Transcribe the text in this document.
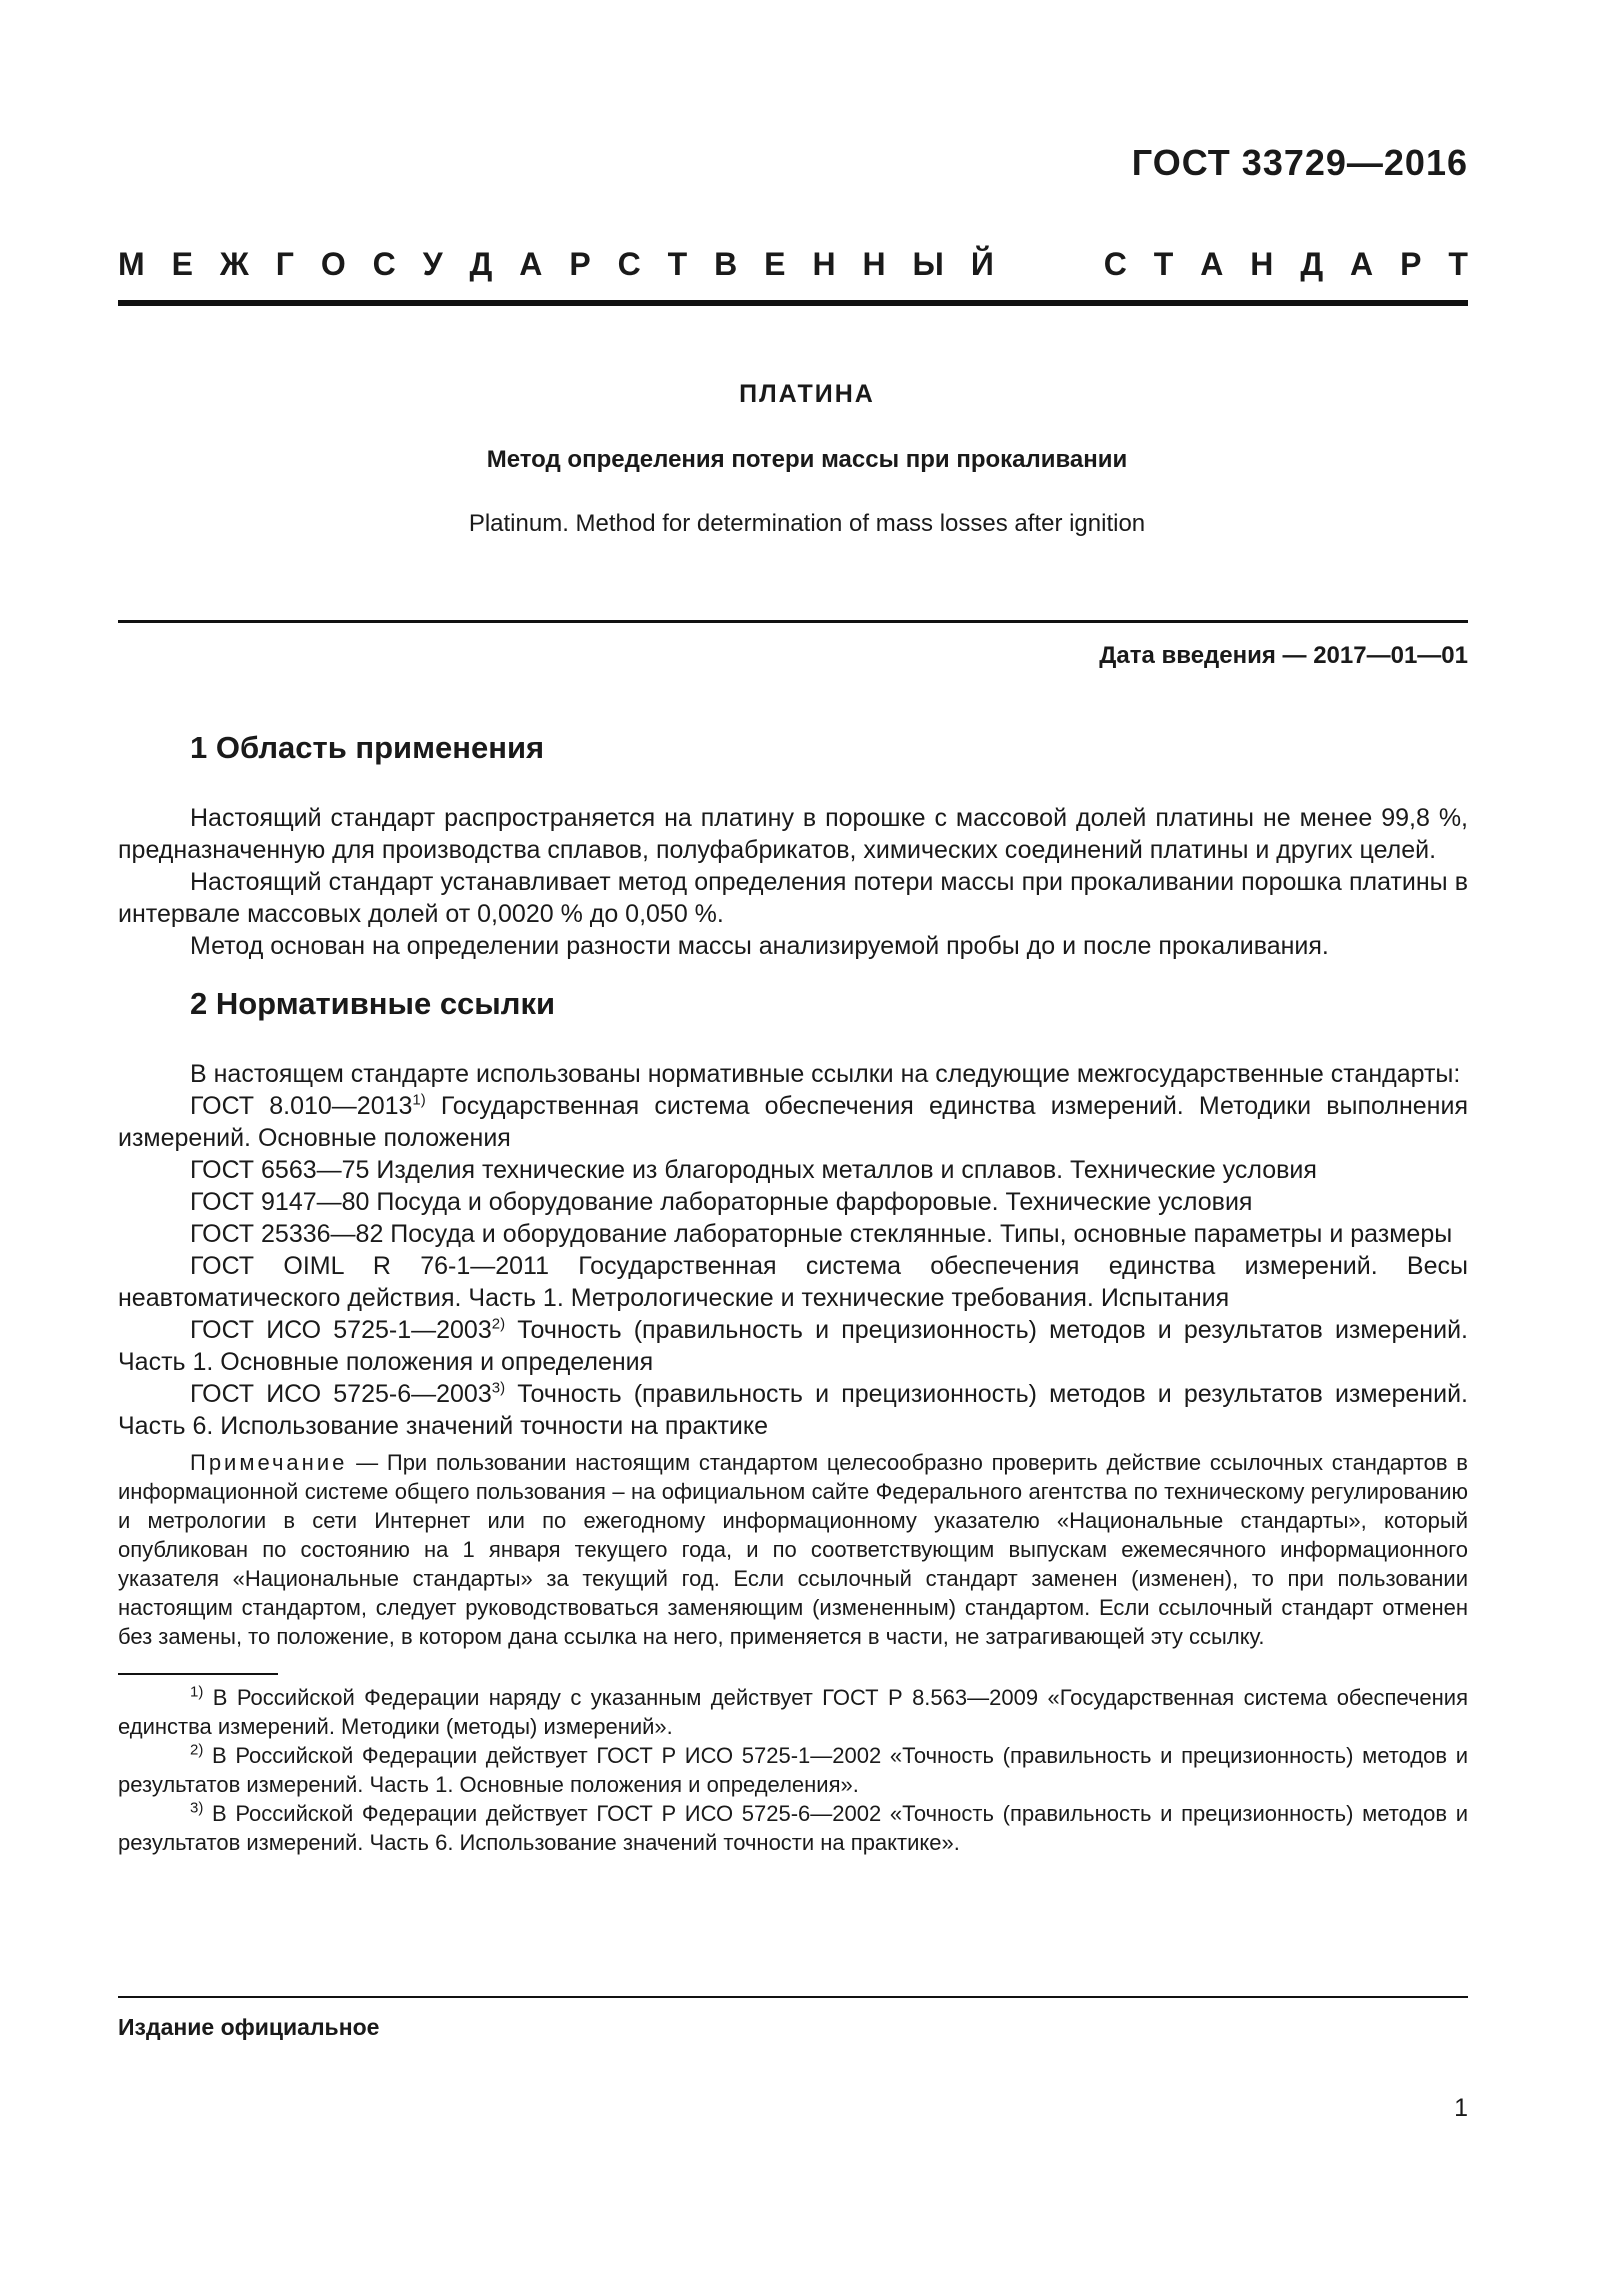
ГОСТ 33729—2016
М Е Ж Г О С У Д А Р С Т В Е Н Н Ы Й	С Т А Н Д А Р Т
ПЛАТИНА
Метод определения потери массы при прокаливании
Platinum. Method for determination of mass losses after ignition
Дата введения — 2017—01—01
1 Область применения

Настоящий стандарт распространяется на платину в порошке с массовой долей платины не менее 99,8 %, предназначенную для производства сплавов, полуфабрикатов, химических соединений платины и других целей.

Настоящий стандарт устанавливает метод определения потери массы при прокаливании порошка платины в интервале массовых долей от 0,0020 % до 0,050 %.

Метод основан на определении разности массы анализируемой пробы до и после прокаливания.

2 Нормативные ссылки

В настоящем стандарте использованы нормативные ссылки на следующие межгосударственные стандарты:

ГОСТ 8.010—2013$^{1)}$ Государственная система обеспечения единства измерений. Методики выполнения измерений. Основные положения

ГОСТ 6563—75 Изделия технические из благородных металлов и сплавов. Технические условия

ГОСТ 9147—80 Посуда и оборудование лабораторные фарфоровые. Технические условия

ГОСТ 25336—82 Посуда и оборудование лабораторные стеклянные. Типы, основные параметры и размеры

ГОСТ OIML R 76-1—2011 Государственная система обеспечения единства измерений. Весы неавтоматического действия. Часть 1. Метрологические и технические требования. Испытания

ГОСТ ИСО 5725-1—2003$^{2)}$ Точность (правильность и прецизионность) методов и результатов измерений. Часть 1. Основные положения и определения

ГОСТ ИСО 5725-6—2003$^{3)}$ Точность (правильность и прецизионность) методов и результатов измерений. Часть 6. Использование значений точности на практике

Примечание — При пользовании настоящим стандартом целесообразно проверить действие ссылочных стандартов в информационной системе общего пользования – на официальном сайте Федерального агентства по техническому регулированию и метрологии в сети Интернет или по ежегодному информационному указателю «Национальные стандарты», который опубликован по состоянию на 1 января текущего года, и по соответствующим выпускам ежемесячного информационного указателя «Национальные стандарты» за текущий год. Если ссылочный стандарт заменен (изменен), то при пользовании настоящим стандартом, следует руководствоваться заменяющим (измененным) стандартом. Если ссылочный стандарт отменен без замены, то положение, в котором дана ссылка на него, применяется в части, не затрагивающей эту ссылку.

$^{1)}$ В Российской Федерации наряду с указанным действует ГОСТ Р 8.563—2009 «Государственная система обеспечения единства измерений. Методики (методы) измерений».

$^{2)}$ В Российской Федерации действует ГОСТ Р ИСО 5725-1—2002 «Точность (правильность и прецизионность) методов и результатов измерений. Часть 1. Основные положения и определения».

$^{3)}$ В Российской Федерации действует ГОСТ Р ИСО 5725-6—2002 «Точность (правильность и прецизионность) методов и результатов измерений. Часть 6. Использование значений точности на практике».

Издание официальное
1
